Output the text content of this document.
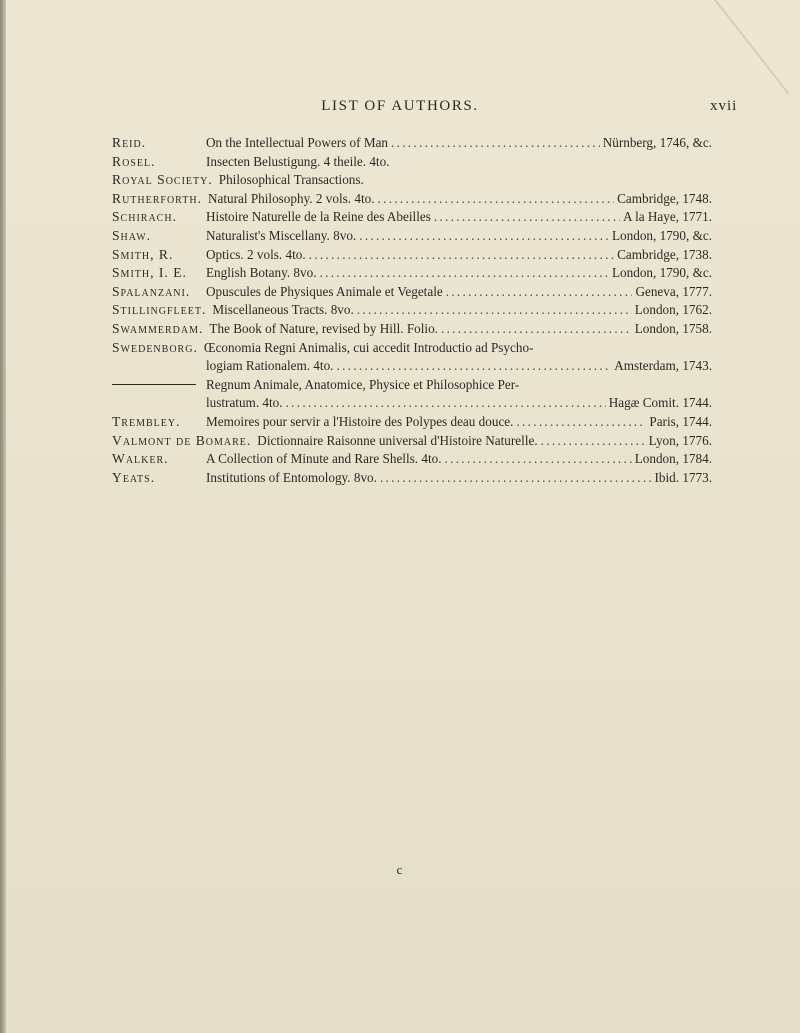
LIST OF AUTHORS.	xvii
Reid.	On the Intellectual Powers of Man . . .	Nürnberg, 1746, &c.
Rosel.	Insecten Belustigung. 4 theile. 4to.
Royal Society. Philosophical Transactions.
Rutherforth. Natural Philosophy. 2 vols. 4to. . . .	Cambridge, 1748.
Schirach.	Histoire Naturelle de la Reine des Abeilles . . .	A la Haye, 1771.
Shaw.	Naturalist's Miscellany. 8vo. . . .	London, 1790, &c.
Smith, R.	Optics. 2 vols. 4to. . . .	Cambridge, 1738.
Smith, I. E.	English Botany. 8vo. . . .	London, 1790, &c.
Spalanzani.	Opuscules de Physiques Animale et Vegetale . . .	Geneva, 1777.
Stillingfleet. Miscellaneous Tracts. 8vo. . . .	London, 1762.
Swammerdam. The Book of Nature, revised by Hill. Folio. . . .	London, 1758.
Swedenborg. Œconomia Regni Animalis, cui accedit Introductio ad Psycho-
logiam Rationalem. 4to. . . .	Amsterdam, 1743.
Regnum Animale, Anatomice, Physice et Philosophice Per-
lustratum. 4to. . . .	Hagæ Comit. 1744.
Trembley.	Memoires pour servir a l'Histoire des Polypes deau douce. . . .	Paris, 1744.
Valmont de Bomare. Dictionnaire Raisonne universal d'Histoire Naturelle. . . .	Lyon, 1776.
Walker.	A Collection of Minute and Rare Shells. 4to. . . .	London, 1784.
Yeats.	Institutions of Entomology. 8vo. . . .	Ibid. 1773.
c
